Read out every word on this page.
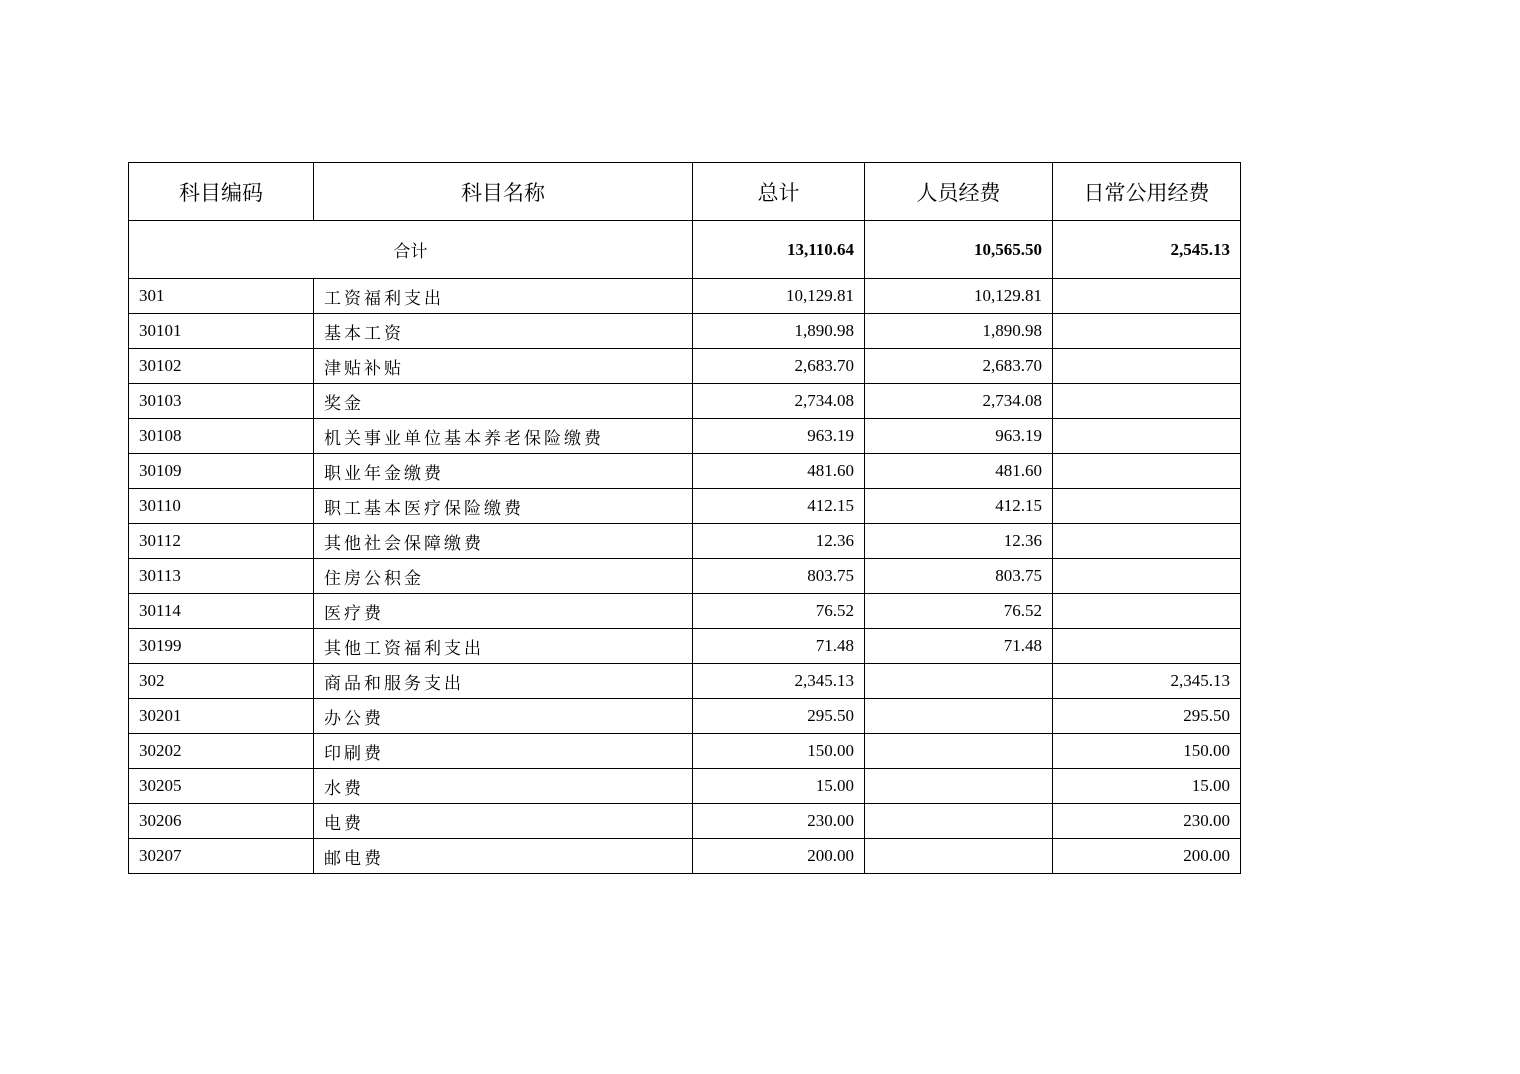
科目编码	科目名称	总计	人员经费	日常公用经费
合计		13,110.64	10,565.50	2,545.13
301	工资福利支出	10,129.81	10,129.81	
30101	基本工资	1,890.98	1,890.98	
30102	津贴补贴	2,683.70	2,683.70	
30103	奖金	2,734.08	2,734.08	
30108	机关事业单位基本养老保险缴费	963.19	963.19	
30109	职业年金缴费	481.60	481.60	
30110	职工基本医疗保险缴费	412.15	412.15	
30112	其他社会保障缴费	12.36	12.36	
30113	住房公积金	803.75	803.75	
30114	医疗费	76.52	76.52	
30199	其他工资福利支出	71.48	71.48	
302	商品和服务支出	2,345.13		2,345.13
30201	办公费	295.50		295.50
30202	印刷费	150.00		150.00
30205	水费	15.00		15.00
30206	电费	230.00		230.00
30207	邮电费	200.00		200.00
